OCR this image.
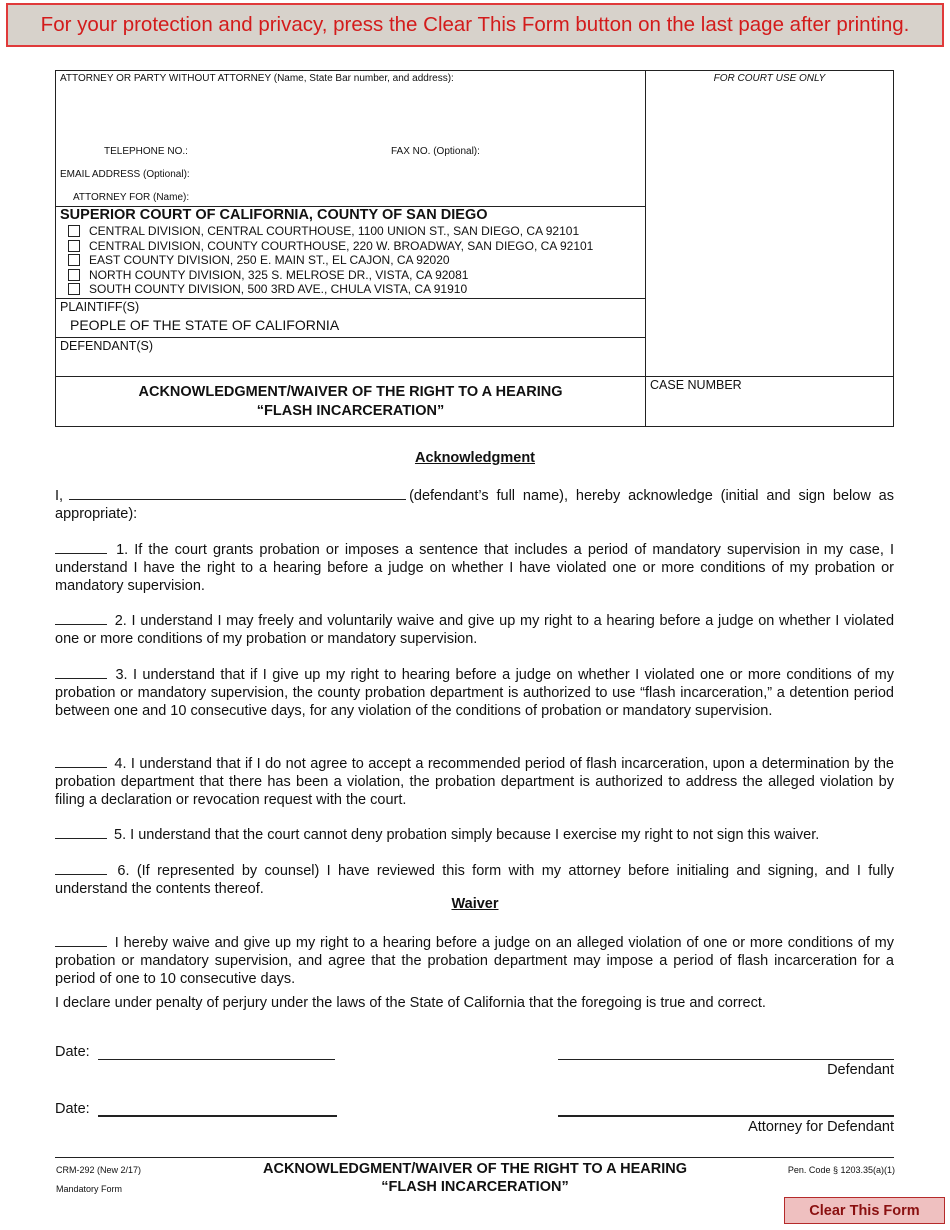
For your protection and privacy, press the Clear This Form button on the last page after printing.
ATTORNEY OR PARTY WITHOUT ATTORNEY (Name, State Bar number, and address):	FOR COURT USE ONLY
TELEPHONE NO.:	FAX NO. (Optional):
EMAIL ADDRESS (Optional):
ATTORNEY FOR (Name):
SUPERIOR COURT OF CALIFORNIA, COUNTY OF SAN DIEGO
CENTRAL DIVISION, CENTRAL COURTHOUSE, 1100 UNION ST., SAN DIEGO, CA 92101
CENTRAL DIVISION, COUNTY COURTHOUSE, 220 W. BROADWAY, SAN DIEGO, CA 92101
EAST COUNTY DIVISION, 250 E. MAIN ST., EL CAJON, CA 92020
NORTH COUNTY DIVISION, 325 S. MELROSE DR., VISTA, CA 92081
SOUTH COUNTY DIVISION, 500 3RD AVE., CHULA VISTA, CA 91910
PLAINTIFF(S)
PEOPLE OF THE STATE OF CALIFORNIA
DEFENDANT(S)
ACKNOWLEDGMENT/WAIVER OF THE RIGHT TO A HEARING
“FLASH INCARCERATION”
CASE NUMBER
Acknowledgment
I,	(defendant’s full name), hereby acknowledge (initial and sign below as appropriate):
1. If the court grants probation or imposes a sentence that includes a period of mandatory supervision in my case, I understand I have the right to a hearing before a judge on whether I have violated one or more conditions of my probation or mandatory supervision.
2. I understand I may freely and voluntarily waive and give up my right to a hearing before a judge on whether I violated one or more conditions of my probation or mandatory supervision.
3. I understand that if I give up my right to hearing before a judge on whether I violated one or more conditions of my probation or mandatory supervision, the county probation department is authorized to use “flash incarceration,” a detention period between one and 10 consecutive days, for any violation of the conditions of probation or mandatory supervision.
4. I understand that if I do not agree to accept a recommended period of flash incarceration, upon a determination by the probation department that there has been a violation, the probation department is authorized to address the alleged violation by filing a declaration or revocation request with the court.
5. I understand that the court cannot deny probation simply because I exercise my right to not sign this waiver.
6. (If represented by counsel) I have reviewed this form with my attorney before initialing and signing, and I fully understand the contents thereof.
Waiver
I hereby waive and give up my right to a hearing before a judge on an alleged violation of one or more conditions of my probation or mandatory supervision, and agree that the probation department may impose a period of flash incarceration for a period of one to 10 consecutive days.
I declare under penalty of perjury under the laws of the State of California that the foregoing is true and correct.
Date:
Defendant
Date:
Attorney for Defendant
CRM-292 (New 2/17)
Mandatory Form
ACKNOWLEDGMENT/WAIVER OF THE RIGHT TO A HEARING
“FLASH INCARCERATION”
Pen. Code § 1203.35(a)(1)
Clear This Form
